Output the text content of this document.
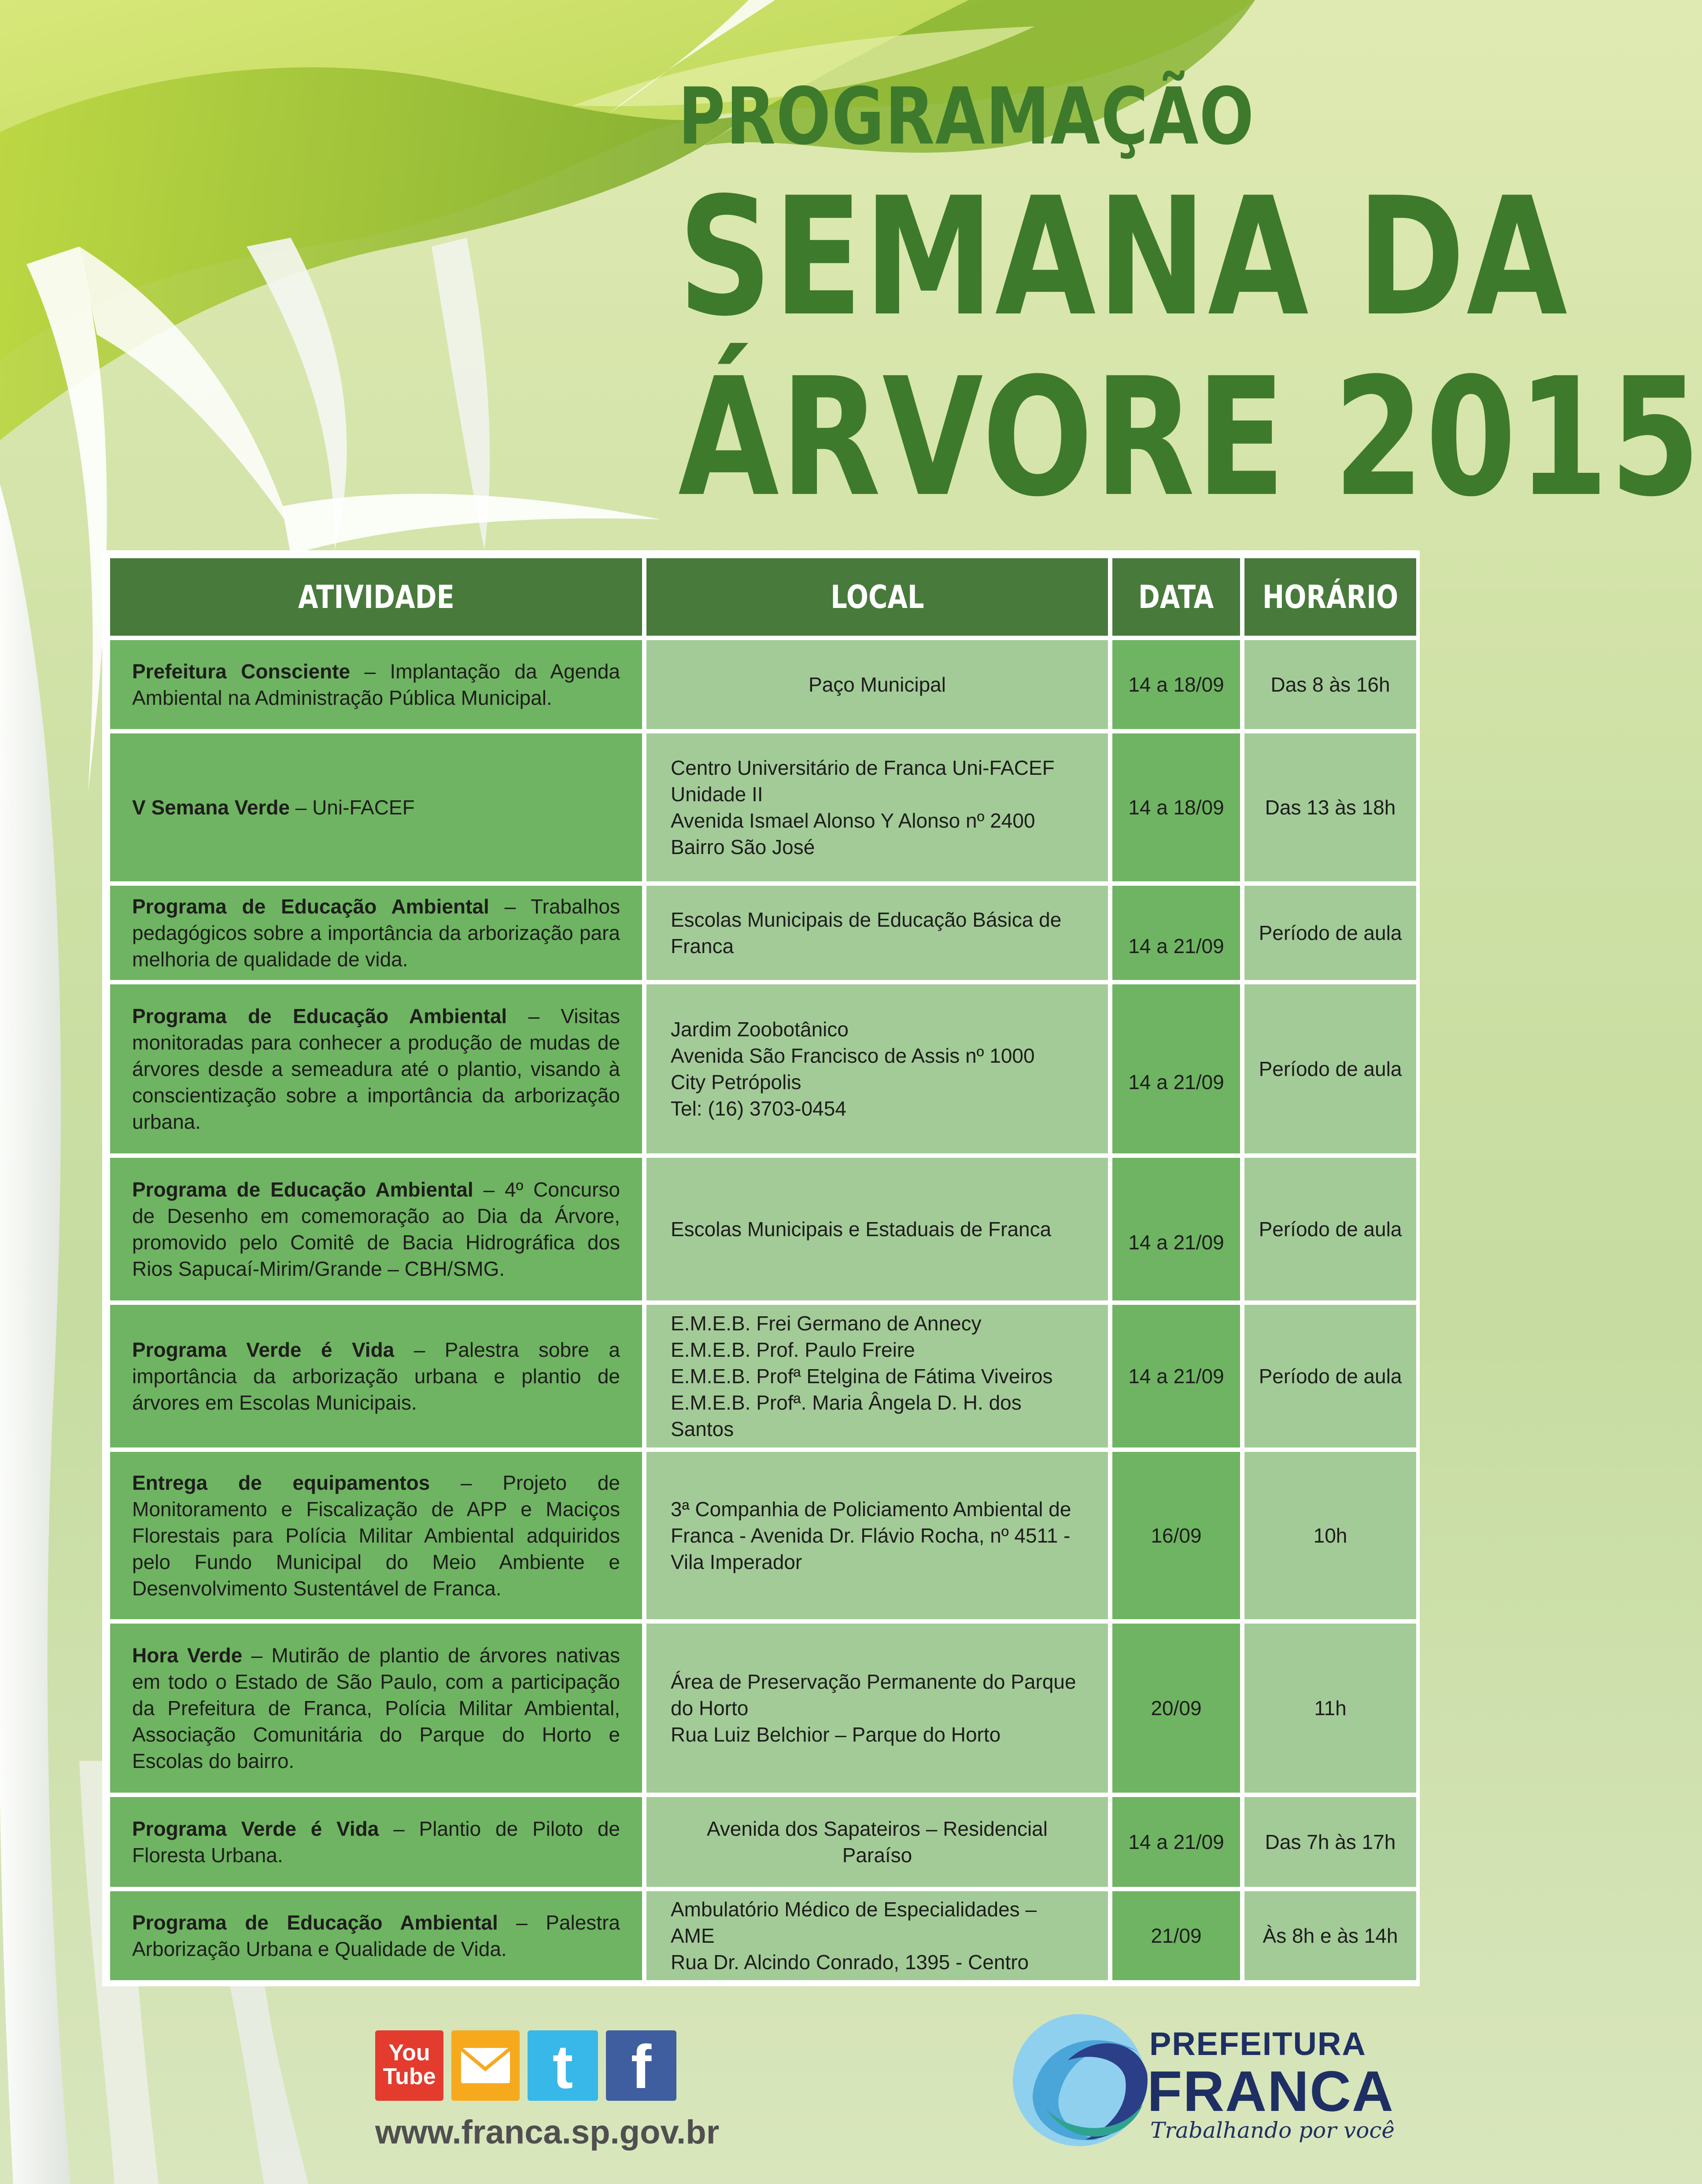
PROGRAMAÇÃO
SEMANA DA
ÁRVORE 2015
ATIVIDADE	LOCAL	DATA	HORÁRIO
Prefeitura Consciente – Implantação da Agenda Ambiental na Administração Pública Municipal.	Paço Municipal	14 a 18/09	Das 8 às 16h
V Semana Verde – Uni-FACEF	Centro Universitário de Franca Uni-FACEF
Unidade II
Avenida Ismael Alonso Y Alonso nº 2400
Bairro São José	14 a 18/09	Das 13 às 18h
Programa de Educação Ambiental – Trabalhos pedagógicos sobre a importância da arborização para melhoria de qualidade de vida.	Escolas Municipais de Educação Básica de Franca	14 a 21/09	Período de aula
Programa de Educação Ambiental – Visitas monitoradas para conhecer a produção de mudas de árvores desde a semeadura até o plantio, visando à conscientização sobre a importância da arborização urbana.	Jardim Zoobotânico
Avenida São Francisco de Assis nº 1000
City Petrópolis
Tel: (16) 3703-0454	14 a 21/09	Período de aula
Programa de Educação Ambiental – 4º Concurso de Desenho em comemoração ao Dia da Árvore, promovido pelo Comitê de Bacia Hidrográfica dos Rios Sapucaí-Mirim/Grande – CBH/SMG.	Escolas Municipais e Estaduais de Franca	14 a 21/09	Período de aula
Programa Verde é Vida – Palestra sobre a importância da arborização urbana e plantio de árvores em Escolas Municipais.	E.M.E.B. Frei Germano de Annecy
E.M.E.B. Prof. Paulo Freire
E.M.E.B. Profª Etelgina de Fátima Viveiros
E.M.E.B. Profª. Maria Ângela D. H. dos Santos	14 a 21/09	Período de aula
Entrega de equipamentos – Projeto de Monitoramento e Fiscalização de APP e Maciços Florestais para Polícia Militar Ambiental adquiridos pelo Fundo Municipal do Meio Ambiente e Desenvolvimento Sustentável de Franca.	3ª Companhia de Policiamento Ambiental de Franca - Avenida Dr. Flávio Rocha, nº 4511 - Vila Imperador	16/09	10h
Hora Verde – Mutirão de plantio de árvores nativas em todo o Estado de São Paulo, com a participação da Prefeitura de Franca, Polícia Militar Ambiental, Associação Comunitária do Parque do Horto e Escolas do bairro.	Área de Preservação Permanente do Parque do Horto
Rua Luiz Belchior – Parque do Horto	20/09	11h
Programa Verde é Vida – Plantio de Piloto de Floresta Urbana.	Avenida dos Sapateiros – Residencial Paraíso	14 a 21/09	Das 7h às 17h
Programa de Educação Ambiental – Palestra Arborização Urbana e Qualidade de Vida.	Ambulatório Médico de Especialidades – AME
Rua Dr. Alcindo Conrado, 1395 - Centro	21/09	Às 8h e às 14h
You
Tube	t f
www.franca.sp.gov.br
PREFEITURA
FRANCA
Trabalhando por você
